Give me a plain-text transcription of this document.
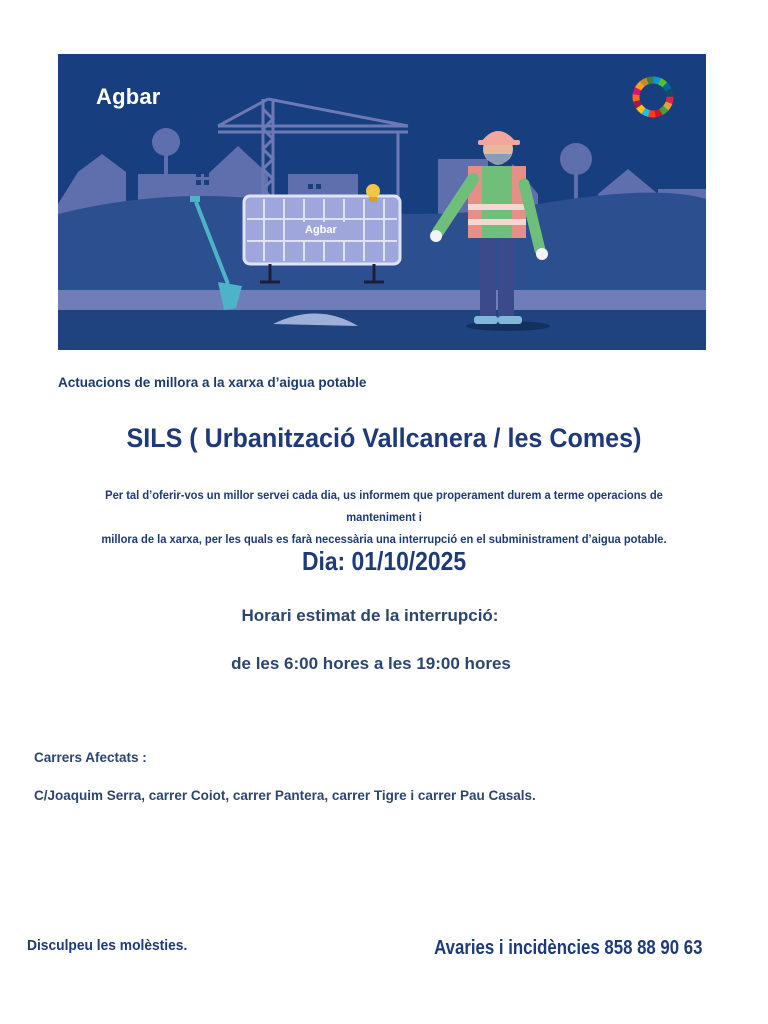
Agbar
Agbar
Actuacions de millora a la xarxa d’aigua potable
SILS ( Urbanització Vallcanera / les Comes)
Per tal d’oferir-vos un millor servei cada dia, us informem que properament durem a terme operacions de manteniment i
millora de la xarxa, per les quals es farà necessària una interrupció en el subministrament d’aigua potable.
Dia: 01/10/2025
Horari estimat de la interrupció:
de les 6:00 hores a les 19:00 hores
Carrers Afectats :
C/Joaquim Serra, carrer Coiot, carrer Pantera, carrer Tigre i carrer Pau Casals.
Disculpeu les molèsties.	Avaries i incidències 858 88 90 63
